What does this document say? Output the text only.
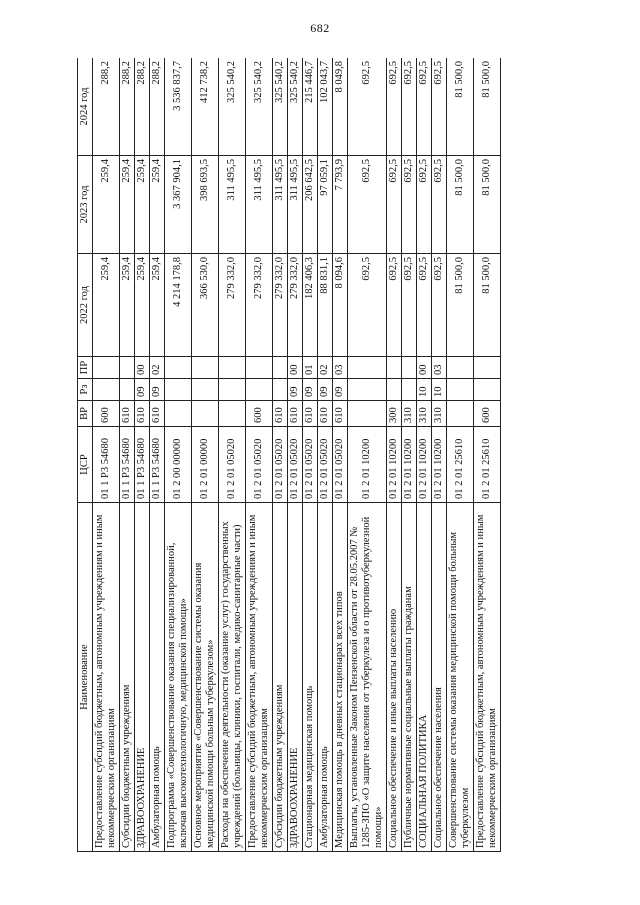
682
Наименование	ЦСР	ВР	Рз	ПР	2022 год	2023 год	2024 год
Предоставление субсидий бюджетным, автономным учреждениям и иным некоммерческим организациям	01 1 Р3 54680	600			259,4	259,4	288,2
Субсидии бюджетным учреждениям	01 1 Р3 54680	610			259,4	259,4	288,2
ЗДРАВООХРАНЕНИЕ	01 1 Р3 54680	610	09	00	259,4	259,4	288,2
Амбулаторная помощь	01 1 Р3 54680	610	09	02	259,4	259,4	288,2
Подпрограмма «Совершенствование оказания специализированной, включая высокотехнологичную, медицинской помощи»	01 2 00 00000				4 214 178,8	3 367 904,1	3 536 837,7
Основное мероприятие «Совершенствование системы оказания медицинской помощи больным туберкулезом»	01 2 01 00000				366 530,0	398 693,5	412 738,2
Расходы на обеспечение деятельности (оказание услуг) государственных учреждений (больницы, клиники, госпитали, медико-санитарные части)	01 2 01 05020				279 332,0	311 495,5	325 540,2
Предоставление субсидий бюджетным, автономным учреждениям и иным некоммерческим организациям	01 2 01 05020	600			279 332,0	311 495,5	325 540,2
Субсидии бюджетным учреждениям	01 2 01 05020	610			279 332,0	311 495,5	325 540,2
ЗДРАВООХРАНЕНИЕ	01 2 01 05020	610	09	00	279 332,0	311 495,5	325 540,2
Стационарная медицинская помощь	01 2 01 05020	610	09	01	182 406,3	206 642,5	215 446,7
Амбулаторная помощь	01 2 01 05020	610	09	02	88 831,1	97 059,1	102 043,7
Медицинская помощь в дневных стационарах всех типов	01 2 01 05020	610	09	03	8 094,6	7 793,9	8 049,8
Выплаты, установленные Законом Пензенской области от 28.05.2007 № 1285-ЗПО «О защите населения от туберкулеза и о противотуберкулезной помощи»	01 2 01 10200				692,5	692,5	692,5
Социальное обеспечение и иные выплаты населению	01 2 01 10200	300			692,5	692,5	692,5
Публичные нормативные социальные выплаты гражданам	01 2 01 10200	310			692,5	692,5	692,5
СОЦИАЛЬНАЯ ПОЛИТИКА	01 2 01 10200	310	10	00	692,5	692,5	692,5
Социальное обеспечение населения	01 2 01 10200	310	10	03	692,5	692,5	692,5
Совершенствование системы оказания медицинской помощи больным туберкулезом	01 2 01 25610				81 500,0	81 500,0	81 500,0
Предоставление субсидий бюджетным, автономным учреждениям и иным некоммерческим организациям	01 2 01 25610	600			81 500,0	81 500,0	81 500,0
